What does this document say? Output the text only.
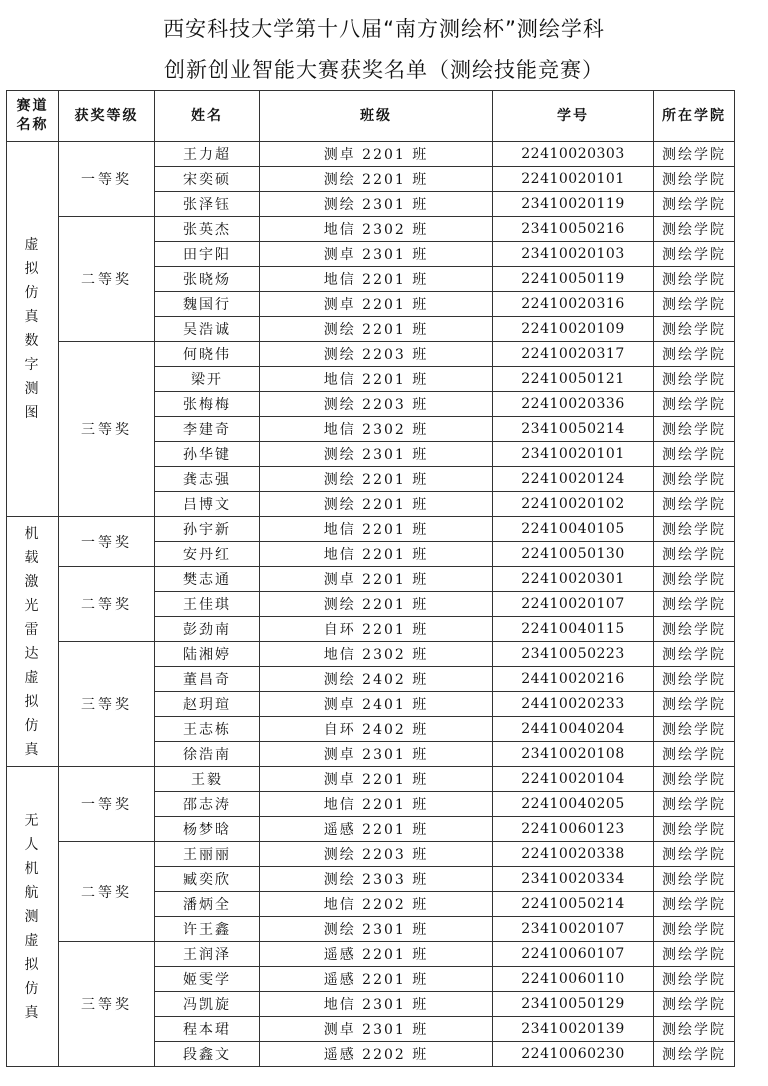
西安科技大学第十八届“南方测绘杯”测绘学科
创新创业智能大赛获奖名单（测绘技能竞赛）
赛道
名称	获奖等级	姓名	班级	学号	所在学院
虚拟仿真数字测图	一等奖	王力超	测卓 2201 班	22410020303	测绘学院
		宋奕硕	测绘 2201 班	22410020101	测绘学院
		张泽钰	测绘 2301 班	23410020119	测绘学院
	二等奖	张英杰	地信 2302 班	23410050216	测绘学院
		田宇阳	测卓 2301 班	23410020103	测绘学院
		张晓炀	地信 2201 班	22410050119	测绘学院
		魏国行	测卓 2201 班	22410020316	测绘学院
		吴浩诚	测绘 2201 班	22410020109	测绘学院
	三等奖	何晓伟	测绘 2203 班	22410020317	测绘学院
		梁开	地信 2201 班	22410050121	测绘学院
		张梅梅	测绘 2203 班	22410020336	测绘学院
		李建奇	地信 2302 班	23410050214	测绘学院
		孙华键	测绘 2301 班	23410020101	测绘学院
		龚志强	测绘 2201 班	22410020124	测绘学院
		吕博文	测绘 2201 班	22410020102	测绘学院
机载激光雷达虚拟仿真	一等奖	孙宇新	地信 2201 班	22410040105	测绘学院
		安丹红	地信 2201 班	22410050130	测绘学院
	二等奖	樊志通	测卓 2201 班	22410020301	测绘学院
		王佳琪	测绘 2201 班	22410020107	测绘学院
		彭劲南	自环 2201 班	22410040115	测绘学院
	三等奖	陆湘婷	地信 2302 班	23410050223	测绘学院
		董昌奇	测绘 2402 班	24410020216	测绘学院
		赵玥瑄	测卓 2401 班	24410020233	测绘学院
		王志栋	自环 2402 班	24410040204	测绘学院
		徐浩南	测卓 2301 班	23410020108	测绘学院
无人机航测虚拟仿真	一等奖	王毅	测卓 2201 班	22410020104	测绘学院
		邵志涛	地信 2201 班	22410040205	测绘学院
		杨梦晗	遥感 2201 班	22410060123	测绘学院
	二等奖	王丽丽	测绘 2203 班	22410020338	测绘学院
		臧奕欣	测绘 2303 班	23410020334	测绘学院
		潘炳全	地信 2202 班	22410050214	测绘学院
		许王鑫	测绘 2301 班	23410020107	测绘学院
	三等奖	王润泽	遥感 2201 班	22410060107	测绘学院
		姬雯学	遥感 2201 班	22410060110	测绘学院
		冯凯旋	地信 2301 班	23410050129	测绘学院
		程本珺	测卓 2301 班	23410020139	测绘学院
		段鑫文	遥感 2202 班	22410060230	测绘学院
